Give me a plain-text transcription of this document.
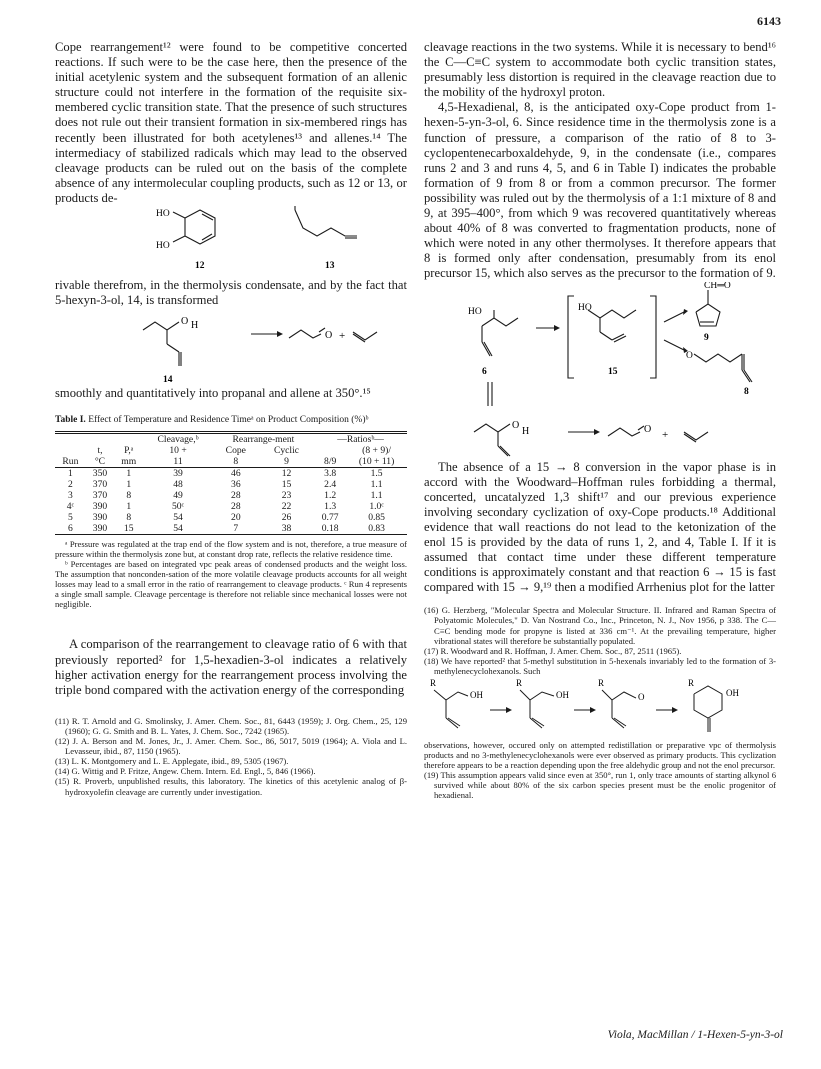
6143

Cope rearrangement¹² were found to be competitive concerted reactions. If such were to be the case here, then the presence of the initial acetylenic system and the subsequent formation of an allenic structure could not interfere in the formation of the requisite six-membered cyclic transition state. That the presence of such structures does not rule out their transient formation in six-membered rings has recently been illustrated for both acetylenes¹³ and allenes.¹⁴ The intermediacy of stabilized radicals which may lead to the observed cleavage products can be ruled out on the basis of the complete absence of any intermolecular coupling products, such as 12 or 13, or products de-

HO
HO
12	13

rivable therefrom, in the thermolysis condensate, and by the fact that 5-hexyn-3-ol, 14, is transformed

O H
O +
14

smoothly and quantitatively into propanal and allene at 350°.¹⁵

Table I. Effect of Temperature and Residence Timeᵃ on Product Composition (%)ᵇ
			Cleavage,ᵇ	Rearrange-ment		—Ratiosᵇ—	
	t,	P,ᵃ	10 +	Cope	Cyclic		(8 + 9)/
Run	°C	mm	11	8	9	8/9	(10 + 11)

1	350	1	39	46	12	3.8	1.5
2	370	1	48	36	15	2.4	1.1
3	370	8	49	28	23	1.2	1.1
4ᶜ	390	1	50ᶜ	28	22	1.3	1.0ᶜ
5	390	8	54	20	26	0.77	0.85
6	390	15	54	7	38	0.18	0.83

ᵃ Pressure was regulated at the trap end of the flow system and is not, therefore, a true measure of pressure within the thermolysis zone but, at constant drop rate, reflects the relative residence time.

ᵇ Percentages are based on integrated vpc peak areas of condensed products and the weight loss. The assumption that nonconden-sation of the more volatile cleavage products accounts for all weight losses may lead to a small error in the ratio of rearrangement to cleavage products. ᶜ Run 4 represents a single small sample. Cleavage percentage is therefore not reliable since mechanical losses were not negligible.

A comparison of the rearrangement to cleavage ratio of 6 with that previously reported² for 1,5-hexadien-3-ol indicates a relatively higher activation energy for the rearrangement process involving the triple bond compared with the activation energy of the corresponding

(11) R. T. Arnold and G. Smolinsky, J. Amer. Chem. Soc., 81, 6443 (1959); J. Org. Chem., 25, 129 (1960); G. G. Smith and B. L. Yates, J. Chem. Soc., 7242 (1965).

(12) J. A. Berson and M. Jones, Jr., J. Amer. Chem. Soc., 86, 5017, 5019 (1964); A. Viola and L. Levasseur, ibid., 87, 1150 (1965).

(13) L. K. Montgomery and L. E. Applegate, ibid., 89, 5305 (1967).

(14) G. Wittig and P. Fritze, Angew. Chem. Intern. Ed. Engl., 5, 846 (1966).

(15) R. Proverb, unpublished results, this laboratory. The kinetics of this acetylenic analog of β-hydroxyolefin cleavage are currently under investigation.

cleavage reactions in the two systems. While it is necessary to bend¹⁶ the C—C≡C system to accommodate both cyclic transition states, presumably less distortion is required in the cleavage reaction due to the mobility of the hydroxyl proton.

4,5-Hexadienal, 8, is the anticipated oxy-Cope product from 1-hexen-5-yn-3-ol, 6. Since residence time in the thermolysis zone is a function of pressure, a comparison of the ratio of 8 to 3-cyclopentenecarboxaldehyde, 9, in the condensate (i.e., compares runs 2 and 3 and runs 4, 5, and 6 in Table I) indicates the probable formation of 9 from 8 or from a common precursor. The former possibility was ruled out by the thermolysis of a 1:1 mixture of 8 and 9, at 395–400°, from which 9 was recovered quantitatively whereas about 40% of 8 was converted to fragmentation products, none of which were noted in any other thermolyses. It therefore appears that 8 is formed only after condensation, presumably from its enol precursor 15, which also serves as the precursor to the formation of 9.

CH═O
HO	HO
6	15
9
8
O
O
H	O +

The absence of a 15 → 8 conversion in the vapor phase is in accord with the Woodward–Hoffman rules forbidding a thermal, concerted, uncatalyzed 1,3 shift¹⁷ and our previous experience involving secondary cyclization of oxy-Cope products.¹⁸ Additional evidence that wall reactions do not lead to the ketonization of the enol 15 is provided by the data of runs 1, 2, and 4, Table I. If it is assumed that contact time under these different temperature conditions is approximately constant and that reaction 6 → 15 is fast compared with 15 → 9,¹⁹ then a modified Arrhenius plot for the latter

(16) G. Herzberg, "Molecular Spectra and Molecular Structure. II. Infrared and Raman Spectra of Polyatomic Molecules," D. Van Nostrand Co., Inc., Princeton, N. J., Nov 1956, p 338. The C—C≡C bending mode for propyne is listed at 336 cm⁻¹. At the prevailing temperature, higher vibrational states will therefore be substantially populated.

(17) R. Woodward and R. Hoffman, J. Amer. Chem. Soc., 87, 2511 (1965).

(18) We have reported² that 5-methyl substitution in 5-hexenals invariably led to the formation of 3-methylenecyclohexanols. Such

R
OH
R
OH
R
O
R
OH

observations, however, occured only on attempted redistillation or preparative vpc of thermolysis products and no 3-methylenecyclohexanols were ever observed as primary products. This cyclization therefore appears to be a reaction depending upon the free aldehydic group and not the enol precursor.

(19) This assumption appears valid since even at 350°, run 1, only trace amounts of starting alkynol 6 survived while about 80% of the six carbon species present must be the enolic progenitor of hexadienal.

Viola, MacMillan / 1-Hexen-5-yn-3-ol
